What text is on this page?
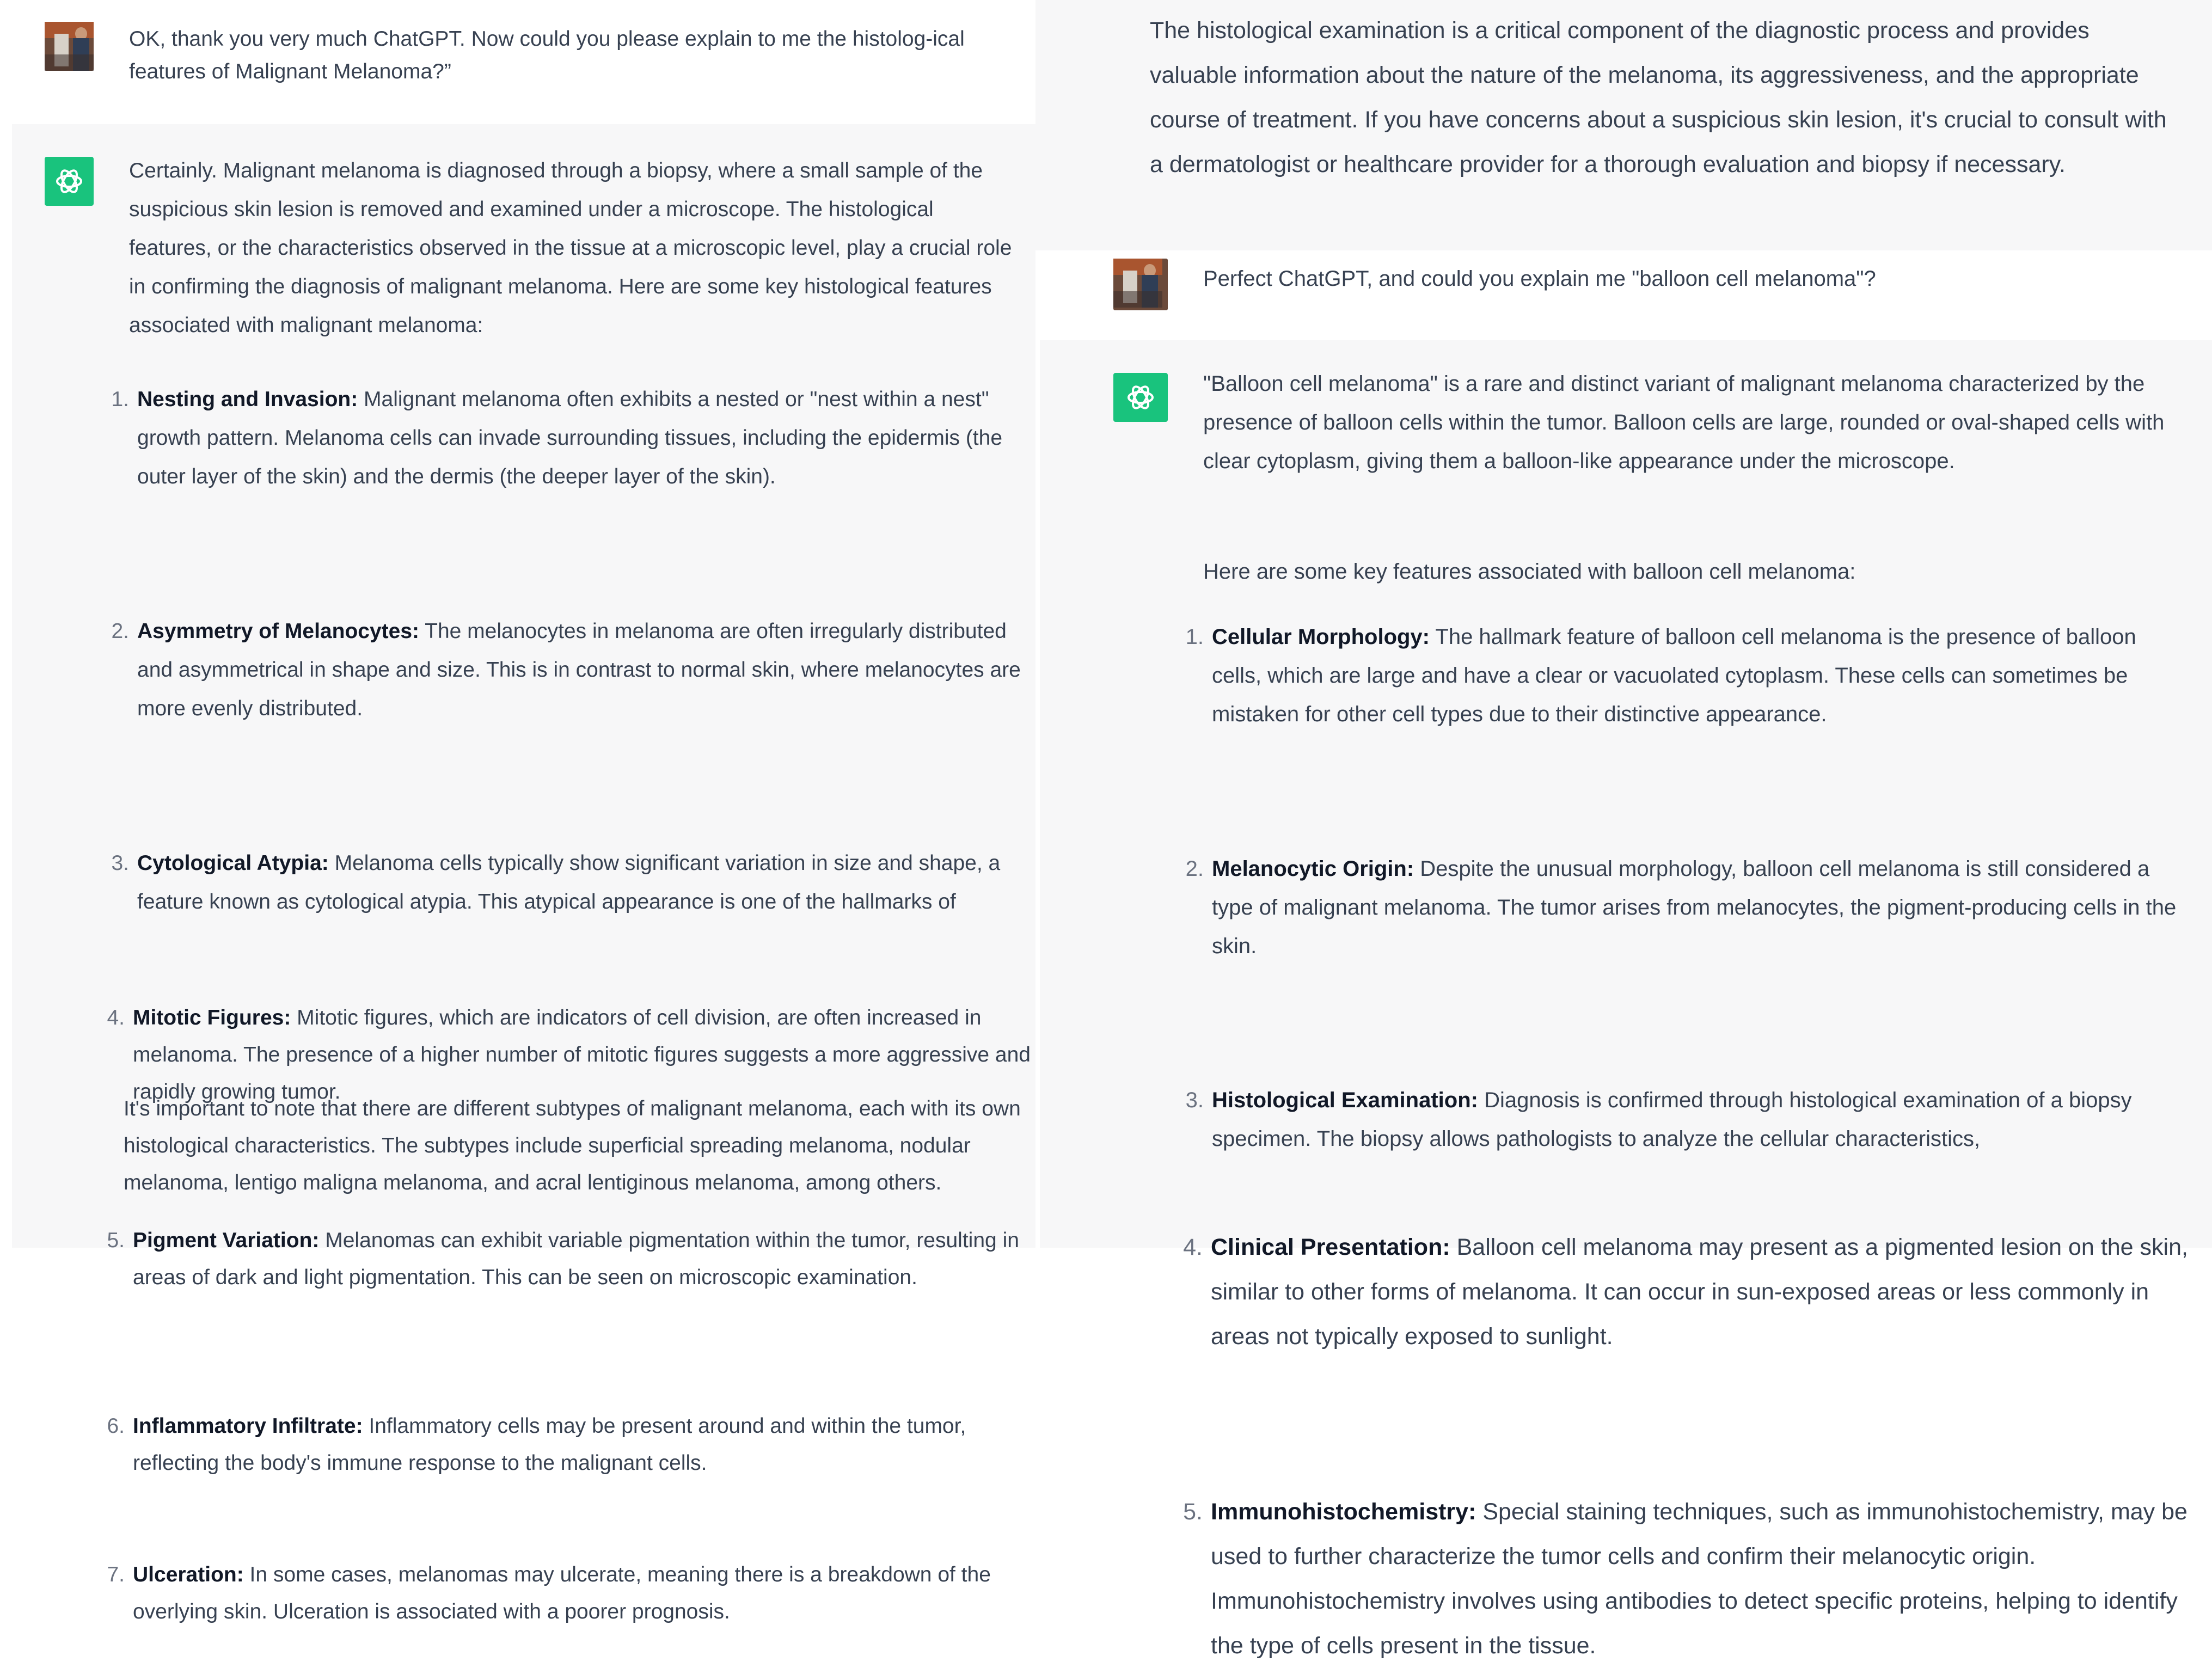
OK, thank you very much ChatGPT. Now could you please explain to me the histolog-ical features of Malignant Melanoma?”

Certainly. Malignant melanoma is diagnosed through a biopsy, where a small sample of the suspicious skin lesion is removed and examined under a microscope. The histological features, or the characteristics observed in the tissue at a microscopic level, play a crucial role in confirming the diagnosis of malignant melanoma. Here are some key histological features associated with malignant melanoma:

1. Nesting and Invasion: Malignant melanoma often exhibits a nested or "nest within a nest" growth pattern. Melanoma cells can invade surrounding tissues, including the epidermis (the outer layer of the skin) and the dermis (the deeper layer of the skin).
2. Asymmetry of Melanocytes: The melanocytes in melanoma are often irregularly distributed and asymmetrical in shape and size. This is in contrast to normal skin, where melanocytes are more evenly distributed.
3. Cytological Atypia: Melanoma cells typically show significant variation in size and shape, a feature known as cytological atypia. This atypical appearance is one of the hallmarks of
4. Mitotic Figures: Mitotic figures, which are indicators of cell division, are often increased in melanoma. The presence of a higher number of mitotic figures suggests a more aggressive and rapidly growing tumor.
5. Pigment Variation: Melanomas can exhibit variable pigmentation within the tumor, resulting in areas of dark and light pigmentation. This can be seen on microscopic examination.
6. Inflammatory Infiltrate: Inflammatory cells may be present around and within the tumor, reflecting the body's immune response to the malignant cells.
7. Ulceration: In some cases, melanomas may ulcerate, meaning there is a breakdown of the overlying skin. Ulceration is associated with a poorer prognosis.

It's important to note that there are different subtypes of malignant melanoma, each with its own histological characteristics. The subtypes include superficial spreading melanoma, nodular melanoma, lentigo maligna melanoma, and acral lentiginous melanoma, among others.

The histological examination is a critical component of the diagnostic process and provides valuable information about the nature of the melanoma, its aggressiveness, and the appropriate course of treatment. If you have concerns about a suspicious skin lesion, it's crucial to consult with a dermatologist or healthcare provider for a thorough evaluation and biopsy if necessary.

Perfect ChatGPT, and could you explain me "balloon cell melanoma"?

"Balloon cell melanoma" is a rare and distinct variant of malignant melanoma characterized by the presence of balloon cells within the tumor. Balloon cells are large, rounded or oval-shaped cells with clear cytoplasm, giving them a balloon-like appearance under the microscope.

Here are some key features associated with balloon cell melanoma:

1. Cellular Morphology: The hallmark feature of balloon cell melanoma is the presence of balloon cells, which are large and have a clear or vacuolated cytoplasm. These cells can sometimes be mistaken for other cell types due to their distinctive appearance.
2. Melanocytic Origin: Despite the unusual morphology, balloon cell melanoma is still considered a type of malignant melanoma. The tumor arises from melanocytes, the pigment-producing cells in the skin.
3. Histological Examination: Diagnosis is confirmed through histological examination of a biopsy specimen. The biopsy allows pathologists to analyze the cellular characteristics,
4. Clinical Presentation: Balloon cell melanoma may present as a pigmented lesion on the skin, similar to other forms of melanoma. It can occur in sun-exposed areas or less commonly in areas not typically exposed to sunlight.
5. Immunohistochemistry: Special staining techniques, such as immunohistochemistry, may be used to further characterize the tumor cells and confirm their melanocytic origin. Immunohistochemistry involves using antibodies to detect specific proteins, helping to identify the type of cells present in the tissue.
